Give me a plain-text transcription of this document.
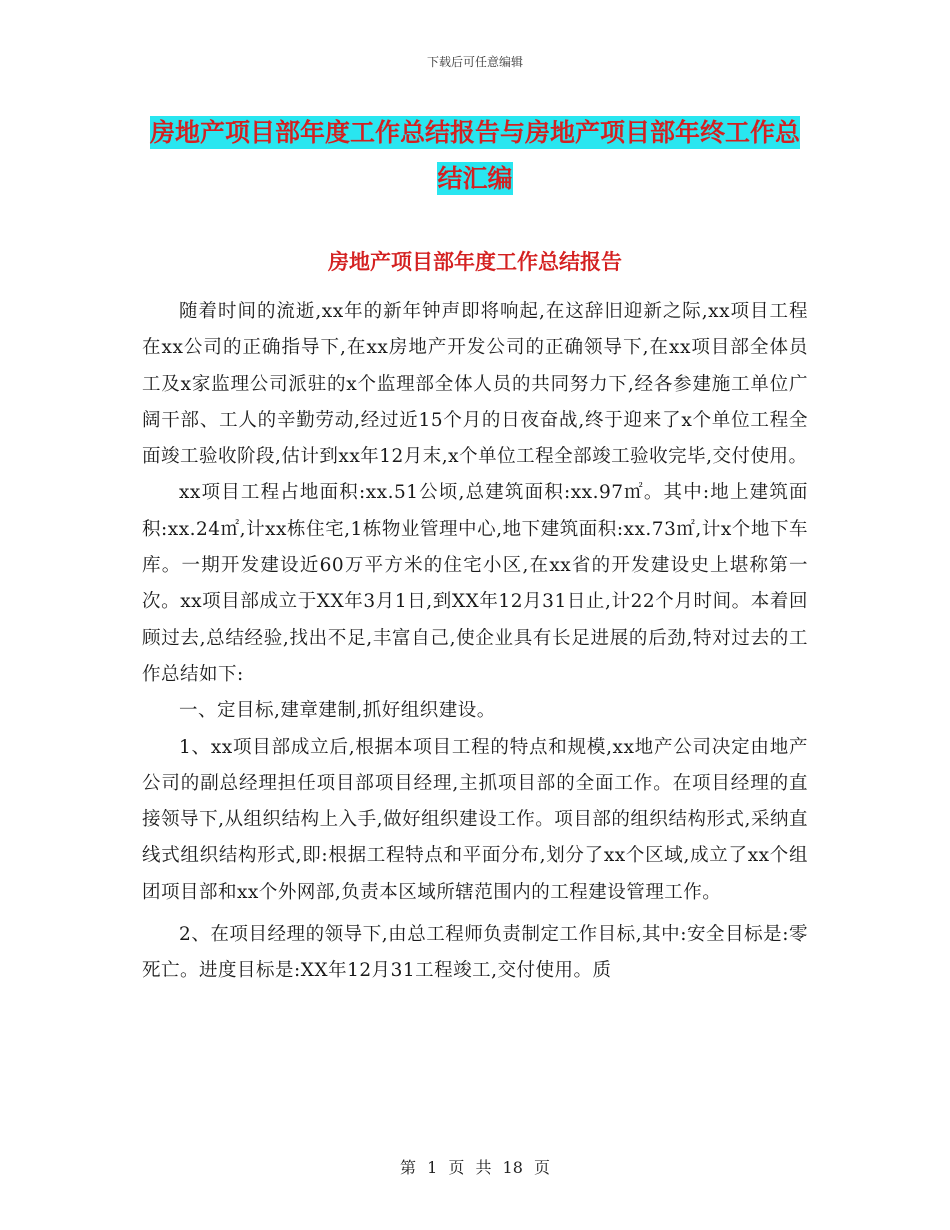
下载后可任意编辑
房地产项目部年度工作总结报告与房地产项目部年终工作总结汇编
房地产项目部年度工作总结报告

随着时间的流逝,xx年的新年钟声即将响起,在这辞旧迎新之际,xx项目工程在xx公司的正确指导下,在xx房地产开发公司的正确领导下,在xx项目部全体员工及x家监理公司派驻的x个监理部全体人员的共同努力下,经各参建施工单位广阔干部、工人的辛勤劳动,经过近15个月的日夜奋战,终于迎来了x个单位工程全面竣工验收阶段,估计到xx年12月末,x个单位工程全部竣工验收完毕,交付使用。

xx项目工程占地面积:xx.51公顷,总建筑面积:xx.97㎡。其中:地上建筑面积:xx.24㎡,计xx栋住宅,1栋物业管理中心,地下建筑面积:xx.73㎡,计x个地下车库。一期开发建设近60万平方米的住宅小区,在xx省的开发建设史上堪称第一次。xx项目部成立于XX年3月1日,到XX年12月31日止,计22个月时间。本着回顾过去,总结经验,找出不足,丰富自己,使企业具有长足进展的后劲,特对过去的工作总结如下:

一、定目标,建章建制,抓好组织建设。

1、xx项目部成立后,根据本项目工程的特点和规模,xx地产公司决定由地产公司的副总经理担任项目部项目经理,主抓项目部的全面工作。在项目经理的直接领导下,从组织结构上入手,做好组织建设工作。项目部的组织结构形式,采纳直线式组织结构形式,即:根据工程特点和平面分布,划分了xx个区域,成立了xx个组团项目部和xx个外网部,负责本区域所辖范围内的工程建设管理工作。

2、在项目经理的领导下,由总工程师负责制定工作目标,其中:安全目标是:零死亡。进度目标是:XX年12月31工程竣工,交付使用。质

第 1 页 共 18 页
